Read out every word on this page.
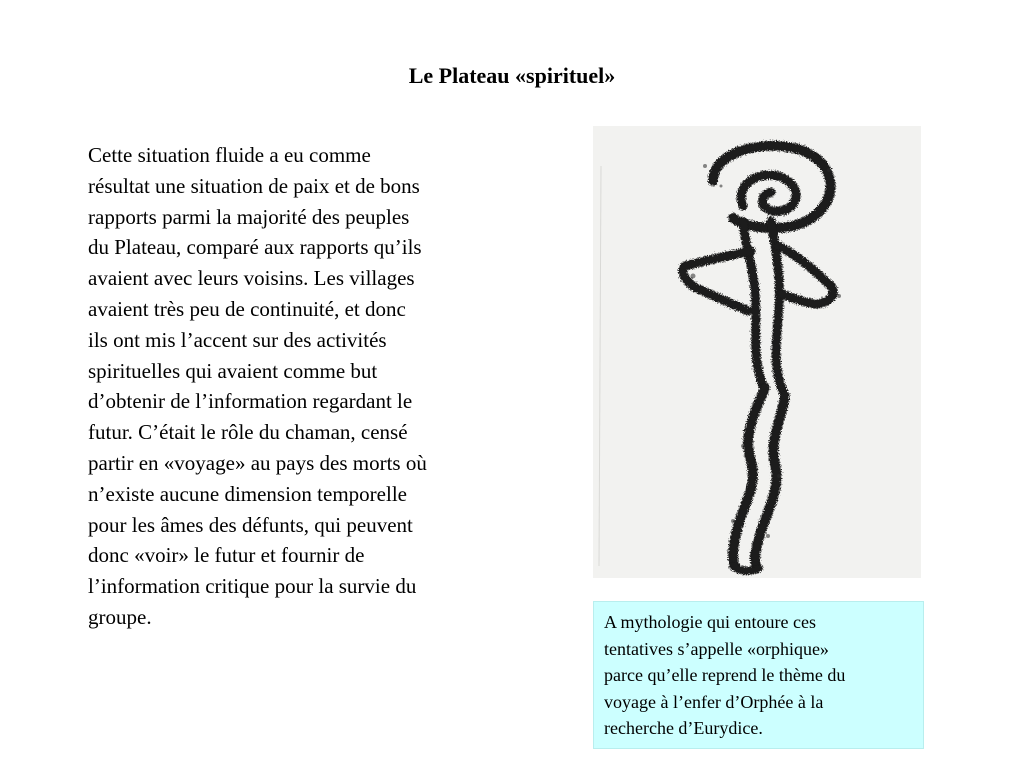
Le Plateau «spirituel»
Cette situation fluide a eu comme
résultat une situation de paix et de bons
rapports parmi la majorité des peuples
du Plateau, comparé aux rapports qu’ils
avaient avec leurs voisins. Les villages
avaient très peu de continuité, et donc
ils ont mis l’accent sur des activités
spirituelles qui avaient comme but
d’obtenir de l’information regardant le
futur. C’était le rôle du chaman, censé
partir en «voyage» au pays des morts où
n’existe aucune dimension temporelle
pour les âmes des défunts, qui peuvent
donc «voir» le futur et fournir de
l’information critique pour la survie du
groupe.	A mythologie qui entoure ces
tentatives s’appelle «orphique»
parce qu’elle reprend le thème du
voyage à l’enfer d’Orphée à la
recherche d’Eurydice.
